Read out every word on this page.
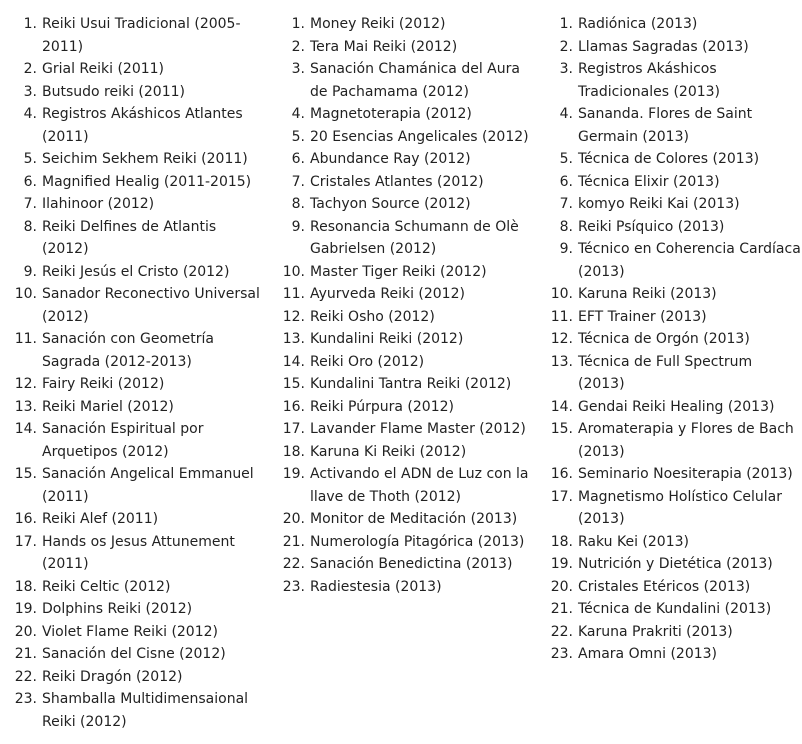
1. Reiki Usui Tradicional (2005-2011)
2. Grial Reiki (2011)
3. Butsudo reiki (2011)
4. Registros Akáshicos Atlantes (2011)
5. Seichim Sekhem Reiki (2011)
6. Magnified Healig (2011-2015)
7. Ilahinoor (2012)
8. Reiki Delfines de Atlantis (2012)
9. Reiki Jesús el Cristo (2012)
10. Sanador Reconectivo Universal (2012)
11. Sanación con Geometría Sagrada (2012-2013)
12. Fairy Reiki (2012)
13. Reiki Mariel (2012)
14. Sanación Espiritual por Arquetipos (2012)
15. Sanación Angelical Emmanuel (2011)
16. Reiki Alef (2011)
17. Hands os Jesus Attunement (2011)
18. Reiki Celtic (2012)
19. Dolphins Reiki (2012)
20. Violet Flame Reiki (2012)
21. Sanación del Cisne (2012)
22. Reiki Dragón (2012)
23. Shamballa Multidimensaional Reiki (2012)
1. Money Reiki (2012)
2. Tera Mai Reiki (2012)
3. Sanación Chamánica del Aura de Pachamama (2012)
4. Magnetoterapia (2012)
5. 20 Esencias Angelicales (2012)
6. Abundance Ray (2012)
7. Cristales Atlantes (2012)
8. Tachyon Source (2012)
9. Resonancia Schumann de Olè Gabrielsen (2012)
10. Master Tiger Reiki (2012)
11. Ayurveda Reiki (2012)
12. Reiki Osho (2012)
13. Kundalini Reiki (2012)
14. Reiki Oro (2012)
15. Kundalini Tantra Reiki (2012)
16. Reiki Púrpura (2012)
17. Lavander Flame Master (2012)
18. Karuna Ki Reiki (2012)
19. Activando el ADN de Luz con la llave de Thoth (2012)
20. Monitor de Meditación (2013)
21. Numerología Pitagórica (2013)
22. Sanación Benedictina (2013)
23. Radiestesia (2013)
1. Radiónica (2013)
2. Llamas Sagradas (2013)
3. Registros Akáshicos Tradicionales (2013)
4. Sananda. Flores de Saint Germain (2013)
5. Técnica de Colores (2013)
6. Técnica Elixir (2013)
7. komyo Reiki Kai (2013)
8. Reiki Psíquico (2013)
9. Técnico en Coherencia Cardíaca (2013)
10. Karuna Reiki (2013)
11. EFT Trainer (2013)
12. Técnica de Orgón (2013)
13. Técnica de Full Spectrum (2013)
14. Gendai Reiki Healing (2013)
15. Aromaterapia y Flores de Bach (2013)
16. Seminario Noesiterapia (2013)
17. Magnetismo Holístico Celular (2013)
18. Raku Kei (2013)
19. Nutrición y Dietética (2013)
20. Cristales Etéricos (2013)
21. Técnica de Kundalini (2013)
22. Karuna Prakriti (2013)
23. Amara Omni (2013)
